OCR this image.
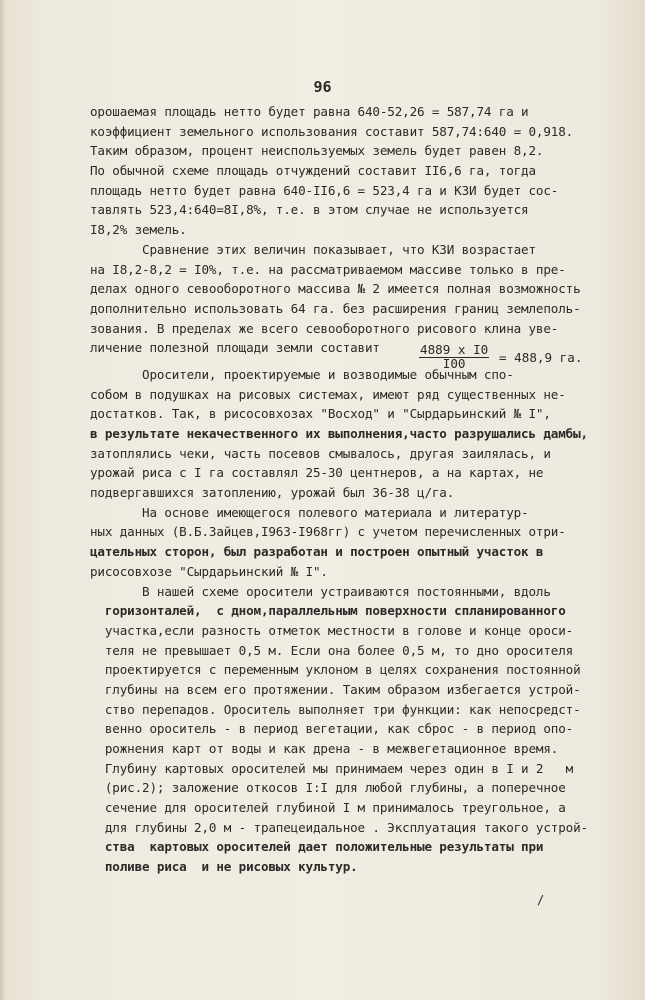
96
орошаемая площадь нетто будет равна 640-52,26 = 587,74 га и
коэффициент земельного использования составит 587,74:640 = 0,918.
Таким образом, процент неиспользуемых земель будет равен 8,2.
По обычной схеме площадь отчуждений составит II6,6 га, тогда
площадь нетто будет равна 640-II6,6 = 523,4 га и КЗИ будет сос-
тавлять 523,4:640=8I,8%, т.е. в этом случае не используется
I8,2% земель.
Сравнение этих величин показывает, что КЗИ возрастает
на I8,2-8,2 = I0%, т.е. на рассматриваемом массиве только в пре-
делах одного севооборотного массива № 2 имеется полная возможность
дополнительно использовать 64 га. без расширения границ землеполь-
зования. В пределах же всего севооборотного рисового клина уве-
личение полезной площади земли составит
Оросители, проектируемые и возводимые обычным спо-
собом в подушках на рисовых системах, имеют ряд существенных не-
достатков. Так, в рисосовхозах "Восход" и "Сырдарьинский № I",
в результате некачественного их выполнения,часто разрушались дамбы,
затоплялись чеки, часть посевов смывалось, другая заилялась, и
урожай риса с I га составлял 25-30 центнеров, а на картах, не
подвергавшихся затоплению, урожай был 36-38 ц/га.
На основе имеющегося полевого материала и литератур-
ных данных (В.Б.Зайцев,I963-I968гг) с учетом перечисленных отри-
цательных сторон, был разработан и построен опытный участок в
рисосовхозе "Сырдарьинский № I".
В нашей схеме оросители устраиваются постоянными, вдоль
горизонталей,  с дном,параллельным поверхности спланированного
участка,если разность отметок местности в голове и конце ороси-
теля не превышает 0,5 м. Если она более 0,5 м, то дно оросителя
проектируется с переменным уклоном в целях сохранения постоянной
глубины на всем его протяжении. Таким образом избегается устрой-
ство перепадов. Ороситель выполняет три функции: как непосредст-
венно ороситель - в период вегетации, как сброс - в период опо-
рожнения карт от воды и как дрена - в межвегетационное время.
Глубину картовых оросителей мы принимаем через один в I и 2   м
(рис.2); заложение откосов I:I для любой глубины, а поперечное
сечение для оросителей глубиной I м принималось треугольное, а
для глубины 2,0 м - трапецеидальное . Эксплуатация такого устрой-
ства  картовых оросителей дает положительные результаты при
поливе риса  и не рисовых культур.
4889 х I0
I00	= 488,9 га.
/
